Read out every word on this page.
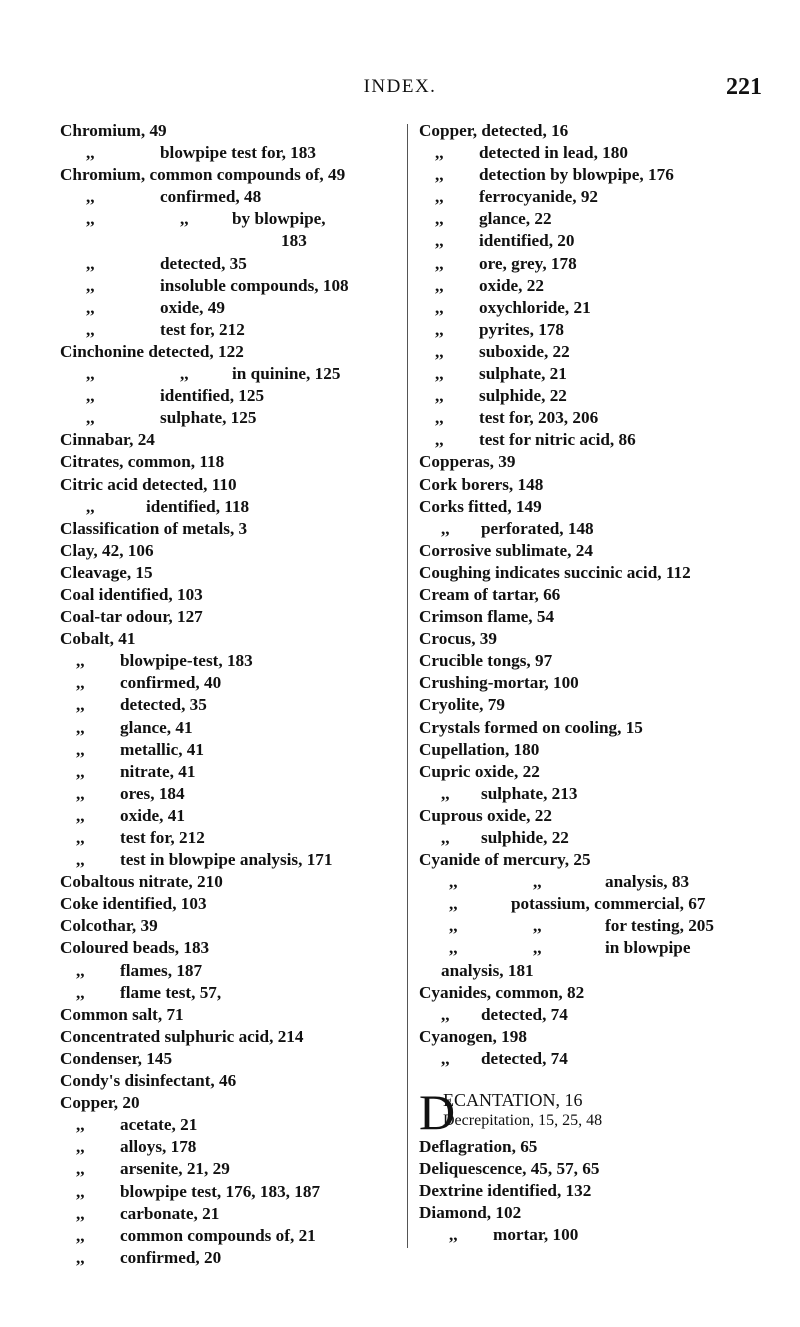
INDEX.	221
Chromium, 49
,,	blowpipe test for, 183
Chromium, common compounds of, 49
,,	confirmed, 48
,,	,,	by blowpipe,
183
,,	detected, 35
,,	insoluble compounds, 108
,,	oxide, 49
,,	test for, 212
Cinchonine detected, 122
,,	,,	in quinine, 125
,,	identified, 125
,,	sulphate, 125
Cinnabar, 24
Citrates, common, 118
Citric acid detected, 110
,,	identified, 118
Classification of metals, 3
Clay, 42, 106
Cleavage, 15
Coal identified, 103
Coal-tar odour, 127
Cobalt, 41
,, blowpipe-test, 183
,, confirmed, 40
,, detected, 35
,, glance, 41
,, metallic, 41
,, nitrate, 41
,, ores, 184
,, oxide, 41
,, test for, 212
,, test in blowpipe analysis, 171
Cobaltous nitrate, 210
Coke identified, 103
Colcothar, 39
Coloured beads, 183
,, flames, 187
,, flame test, 57,
Common salt, 71
Concentrated sulphuric acid, 214
Condenser, 145
Condy's disinfectant, 46
Copper, 20
,, acetate, 21
,, alloys, 178
,, arsenite, 21, 29
,, blowpipe test, 176, 183, 187
,, carbonate, 21
,, common compounds of, 21
,, confirmed, 20
Copper, detected, 16
,, detected in lead, 180
,, detection by blowpipe, 176
,, ferrocyanide, 92
,, glance, 22
,, identified, 20
,, ore, grey, 178
,, oxide, 22
,, oxychloride, 21
,, pyrites, 178
,, suboxide, 22
,, sulphate, 21
,, sulphide, 22
,, test for, 203, 206
,, test for nitric acid, 86
Copperas, 39
Cork borers, 148
Corks fitted, 149
,, perforated, 148
Corrosive sublimate, 24
Coughing indicates succinic acid, 112
Cream of tartar, 66
Crimson flame, 54
Crocus, 39
Crucible tongs, 97
Crushing-mortar, 100
Cryolite, 79
Crystals formed on cooling, 15
Cupellation, 180
Cupric oxide, 22
,, sulphate, 213
Cuprous oxide, 22
,, sulphide, 22
Cyanide of mercury, 25
,,	,,	analysis, 83
,,	potassium, commercial, 67
,,	,,	for testing, 205
,,	,,	in blowpipe
analysis, 181
Cyanides, common, 82
,, detected, 74
Cyanogen, 198
,, detected, 74
D
ECANTATION, 16
Decrepitation, 15, 25, 48
Deflagration, 65
Deliquescence, 45, 57, 65
Dextrine identified, 132
Diamond, 102
,, mortar, 100
